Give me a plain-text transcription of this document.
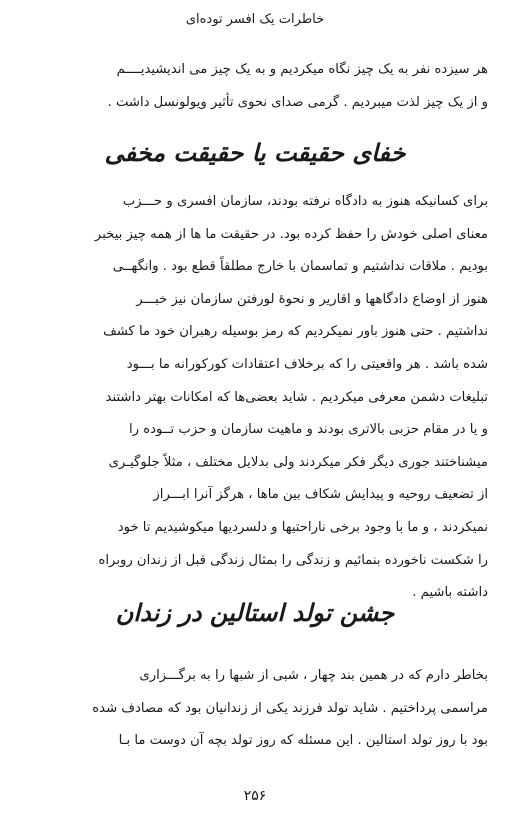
خاطرات یک افسر توده‌ای
هر سیزده نفر به یک چیز نگاه میکردیم و به یک چیز می اندیشیدیــــم
و از یک چیز لذت میبردیم . گرمی صدای نحوی تأثیر ویولونسل داشت .
خفای حقیقت یا حقیقت مخفی
برای کسانیکه هنوز به دادگاه نرفته بودند، سازمان افسری و حـــزب
معنای اصلی خودش را حفظ کرده بود. در حقیقت ما ها از همه چیز بیخبر
بودیم . ملاقات نداشتیم و تماسمان با خارج مطلقاً قطع بود . وانگهــی
هنوز از اوضاع دادگاهها و اقاریر و نحوۀ لورفتن سازمان نیز خبـــر
نداشتیم . حتی هنوز باور نمیکردیم که رمز بوسیله رهبران خود ما کشف
شده باشد . هر واقعیتی را که برخلاف اعتقادات کورکورانه ما بـــود
تبلیغات دشمن معرفی میکردیم . شاید بعضی‌ها که امکانات بهتر داشتند
و یا در مقام حزبی بالاتری بودند و ماهیت سازمان و حزب تــوده را
میشناختند جوری دیگر فکر میکردند ولی بدلایل مختلف ، مثلاً جلوگیـری
از تضعیف روحیه و پیدایش شکاف بین ماها ، هرگز آنرا ابـــراز
نمیکردند ، و ما با وجود برخی ناراحتیها و دلسردیها میکوشیدیم تا خود
را شکست ناخورده بنمائیم و زندگی را بمثال زندگی قبل از زندان روبراه
داشته باشیم .
جشن تولد استالین در زندان
بخاطر دارم که در همین بند چهار ، شبی از شبها را به برگـــزاری
مراسمی پرداختیم . شاید تولد فرزند یکی از زندانیان بود که مصادف شده
بود با روز تولد استالین . این مسئله که روز تولد بچه آن دوست ما بـا
۲۵۶
